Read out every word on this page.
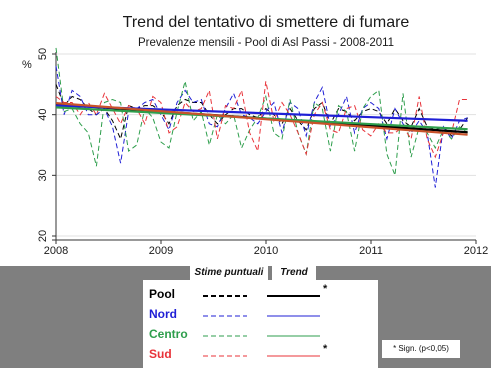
Trend del tentativo di smettere di fumare
Prevalenze mensili - Pool di Asl Passi - 2008-2011
%
20
30
40
50
2008	2009	2010	2011	2012
Stime puntuali	Trend
Pool	*
Nord
Centro
Sud	*	* Sign. (p<0,05)
